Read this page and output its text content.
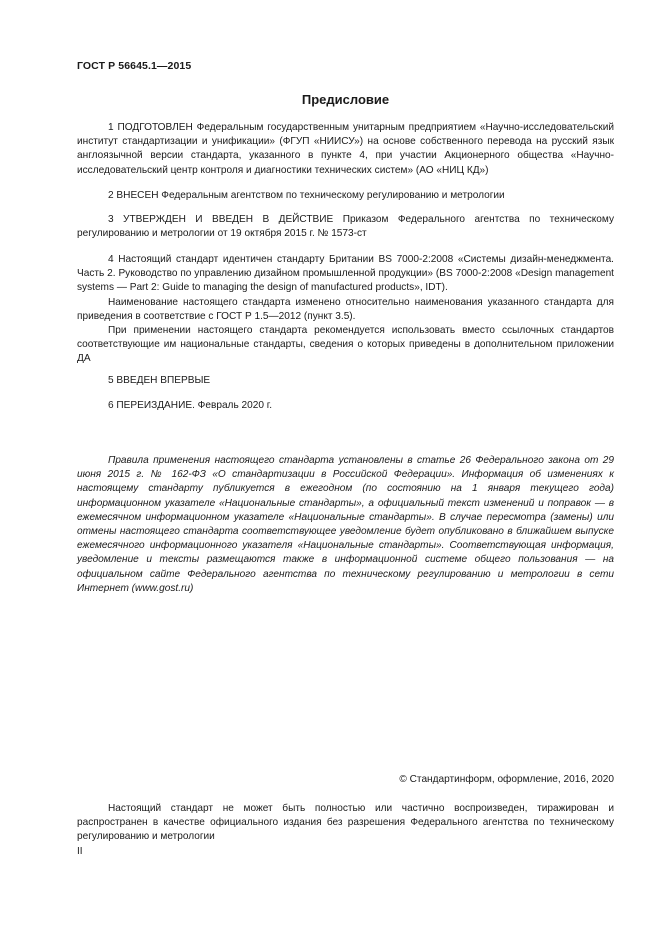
ГОСТ Р 56645.1—2015
Предисловие

1 ПОДГОТОВЛЕН Федеральным государственным унитарным предприятием «Научно-исследовательский институт стандартизации и унификации» (ФГУП «НИИСУ») на основе собственного перевода на русский язык англоязычной версии стандарта, указанного в пункте 4, при участии Акционерного общества «Научно-исследовательский центр контроля и диагностики технических систем» (АО «НИЦ КД»)

2 ВНЕСЕН Федеральным агентством по техническому регулированию и метрологии

3 УТВЕРЖДЕН И ВВЕДЕН В ДЕЙСТВИЕ Приказом Федерального агентства по техническому регулированию и метрологии от 19 октября 2015 г. № 1573-ст

4 Настоящий стандарт идентичен стандарту Британии BS 7000-2:2008 «Системы дизайн-менеджмента. Часть 2. Руководство по управлению дизайном промышленной продукции» (BS 7000-2:2008 «Design management systems — Part 2: Guide to managing the design of manufactured products», IDT).

Наименование настоящего стандарта изменено относительно наименования указанного стандарта для приведения в соответствие с ГОСТ Р 1.5—2012 (пункт 3.5).

При применении настоящего стандарта рекомендуется использовать вместо ссылочных стандартов соответствующие им национальные стандарты, сведения о которых приведены в дополнительном приложении ДА

5 ВВЕДЕН ВПЕРВЫЕ

6 ПЕРЕИЗДАНИЕ. Февраль 2020 г.

Правила применения настоящего стандарта установлены в статье 26 Федерального закона от 29 июня 2015 г. № 162-ФЗ «О стандартизации в Российской Федерации». Информация об изменениях к настоящему стандарту публикуется в ежегодном (по состоянию на 1 января текущего года) информационном указателе «Национальные стандарты», а официальный текст изменений и поправок — в ежемесячном информационном указателе «Национальные стандарты». В случае пересмотра (замены) или отмены настоящего стандарта соответствующее уведомление будет опубликовано в ближайшем выпуске ежемесячного информационного указателя «Национальные стандарты». Соответствующая информация, уведомление и тексты размещаются также в информационной системе общего пользования — на официальном сайте Федерального агентства по техническому регулированию и метрологии в сети Интернет (www.gost.ru)

© Стандартинформ, оформление, 2016, 2020

Настоящий стандарт не может быть полностью или частично воспроизведен, тиражирован и распространен в качестве официального издания без разрешения Федерального агентства по техническому регулированию и метрологии

II
